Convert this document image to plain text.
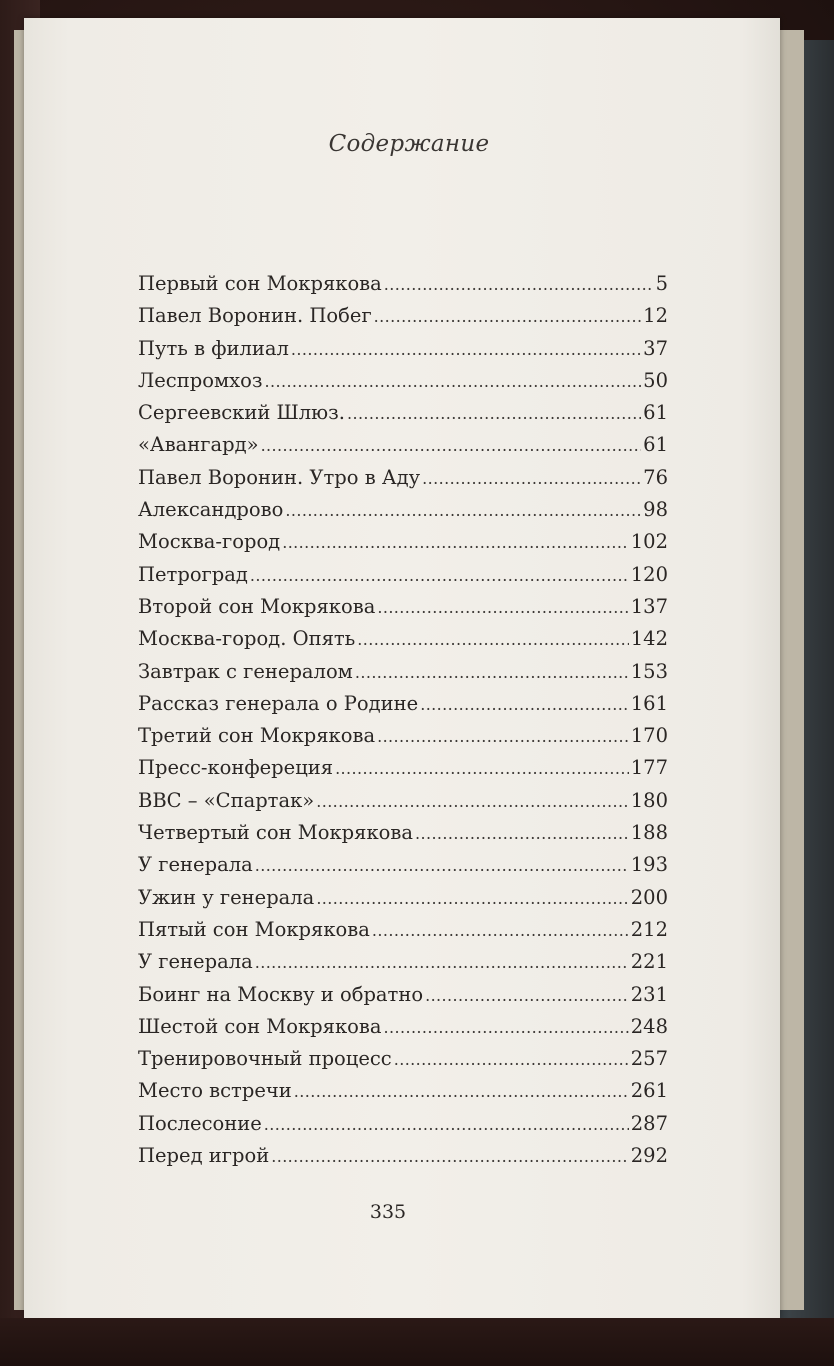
Содержание
Первый сон Мокрякова .....	5
Павел Воронин. Побег .....	12
Путь в филиал .....	37
Леспромхоз .....	50
Сергеевский Шлюз. .....	61
«Авангард» .....	61
Павел Воронин. Утро в Аду .....	76
Александрово .....	98
Москва-город .....	102
Петроград .....	120
Второй сон Мокрякова .....	137
Москва-город. Опять .....	142
Завтрак с генералом .....	153
Рассказ генерала о Родине .....	161
Третий сон Мокрякова .....	170
Пресс-конфереция .....	177
ВВС – «Спартак» .....	180
Четвертый сон Мокрякова .....	188
У генерала .....	193
Ужин у генерала .....	200
Пятый сон Мокрякова .....	212
У генерала .....	221
Боинг на Москву и обратно .....	231
Шестой сон Мокрякова .....	248
Тренировочный процесс .....	257
Место встречи .....	261
Послесоние .....	287
Перед игрой .....	292
335
